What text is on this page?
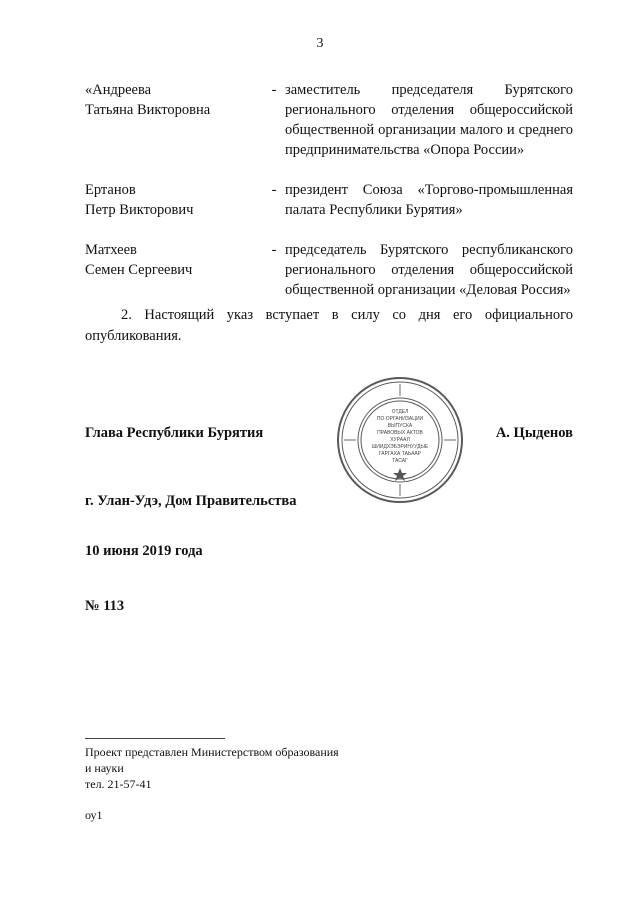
3
«Андреева
Татьяна Викторовна
- заместитель председателя Бурятского регионального отделения общероссийской общественной организации малого и среднего предпринимательства «Опора России»
Ертанов
Петр Викторович
- президент Союза «Торгово-промышленная палата Республики Бурятия»
Матхеев
Семен Сергеевич
- председатель Бурятского республиканского регионального отделения общероссийской общественной организации «Деловая Россия»
2. Настоящий указ вступает в силу со дня его официального опубликования.
Глава Республики Бурятия	А. Цыденов
ОТДЕЛ
ПО ОРГАНИЗАЦИИ
ВЫПУСКА
ПРАВОВЫХ АКТОВ
ХУРААЛ
ШИИДХЭБЭРИНУУДЫЕ
ГАРГАХА ТАЬААР
ТАСАГ
г. Улан-Удэ, Дом Правительства
10 июня 2019 года
№ 113
Проект представлен Министерством образования
и науки
тел. 21-57-41
оу1
